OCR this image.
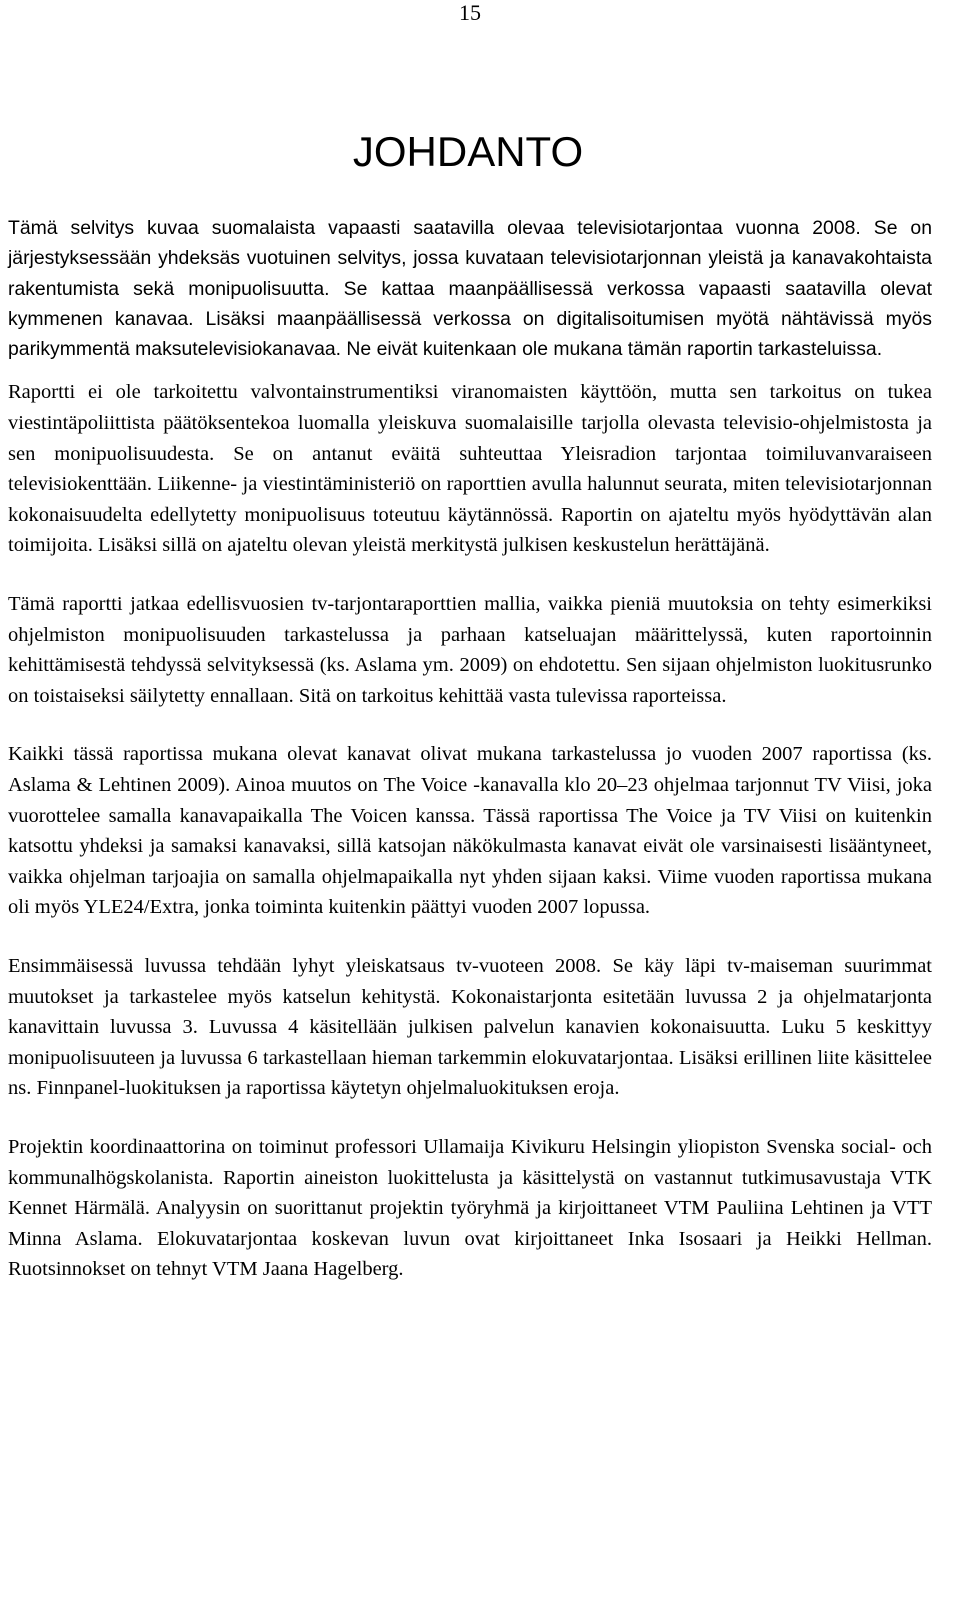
15
JOHDANTO

Tämä selvitys kuvaa suomalaista vapaasti saatavilla olevaa televisiotarjontaa vuonna 2008. Se on järjestyksessään yhdeksäs vuotuinen selvitys, jossa kuvataan televisiotarjonnan yleistä ja kanavakohtaista rakentumista sekä monipuolisuutta. Se kattaa maanpäällisessä verkossa vapaasti saatavilla olevat kymmenen kanavaa. Lisäksi maanpäällisessä verkossa on digitalisoitumisen myötä nähtävissä myös parikymmentä maksutelevisiokanavaa. Ne eivät kuitenkaan ole mukana tämän raportin tarkasteluissa.

Raportti ei ole tarkoitettu valvontainstrumentiksi viranomaisten käyttöön, mutta sen tarkoitus on tukea viestintäpoliittista päätöksentekoa luomalla yleiskuva suomalaisille tarjolla olevasta televisio-ohjelmistosta ja sen monipuolisuudesta. Se on antanut eväitä suhteuttaa Yleisradion tarjontaa toimiluvanvaraiseen televisiokenttään. Liikenne- ja viestintäministeriö on raporttien avulla halunnut seurata, miten televisiotarjonnan kokonaisuudelta edellytetty monipuolisuus toteutuu käytännössä. Raportin on ajateltu myös hyödyttävän alan toimijoita. Lisäksi sillä on ajateltu olevan yleistä merkitystä julkisen keskustelun herättäjänä.

Tämä raportti jatkaa edellisvuosien tv-tarjontaraporttien mallia, vaikka pieniä muutoksia on tehty esimerkiksi ohjelmiston monipuolisuuden tarkastelussa ja parhaan katseluajan määrittelyssä, kuten raportoinnin kehittämisestä tehdyssä selvityksessä (ks. Aslama ym. 2009) on ehdotettu. Sen sijaan ohjelmiston luokitusrunko on toistaiseksi säilytetty ennallaan. Sitä on tarkoitus kehittää vasta tulevissa raporteissa.

Kaikki tässä raportissa mukana olevat kanavat olivat mukana tarkastelussa jo vuoden 2007 raportissa (ks. Aslama & Lehtinen 2009). Ainoa muutos on The Voice -kanavalla klo 20–23 ohjelmaa tarjonnut TV Viisi, joka vuorottelee samalla kanavapaikalla The Voicen kanssa. Tässä raportissa The Voice ja TV Viisi on kuitenkin katsottu yhdeksi ja samaksi kanavaksi, sillä katsojan näkökulmasta kanavat eivät ole varsinaisesti lisääntyneet, vaikka ohjelman tarjoajia on samalla ohjelmapaikalla nyt yhden sijaan kaksi. Viime vuoden raportissa mukana oli myös YLE24/Extra, jonka toiminta kuitenkin päättyi vuoden 2007 lopussa.

Ensimmäisessä luvussa tehdään lyhyt yleiskatsaus tv-vuoteen 2008. Se käy läpi tv-maiseman suurimmat muutokset ja tarkastelee myös katselun kehitystä. Kokonaistarjonta esitetään luvussa 2 ja ohjelmatarjonta kanavittain luvussa 3. Luvussa 4 käsitellään julkisen palvelun kanavien kokonaisuutta. Luku 5 keskittyy monipuolisuuteen ja luvussa 6 tarkastellaan hieman tarkemmin elokuvatarjontaa. Lisäksi erillinen liite käsittelee ns. Finnpanel-luokituksen ja raportissa käytetyn ohjelmaluokituksen eroja.

Projektin koordinaattorina on toiminut professori Ullamaija Kivikuru Helsingin yliopiston Svenska social- och kommunalhögskolanista. Raportin aineiston luokittelusta ja käsittelystä on vastannut tutkimusavustaja VTK Kennet Härmälä. Analyysin on suorittanut projektin työryhmä ja kirjoittaneet VTM Pauliina Lehtinen ja VTT Minna Aslama. Elokuvatarjontaa koskevan luvun ovat kirjoittaneet Inka Isosaari ja Heikki Hellman. Ruotsinnokset on tehnyt VTM Jaana Hagelberg.
